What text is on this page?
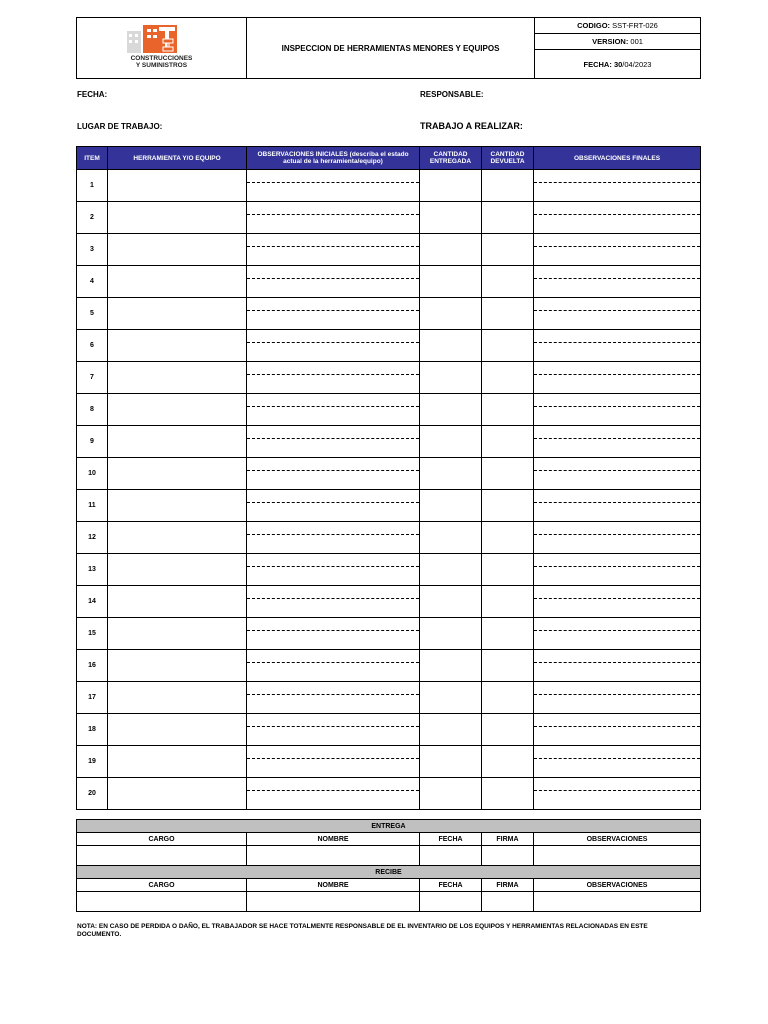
CONSTRUCCIONES
Y SUMINISTROS
	INSPECCION DE HERRAMIENTAS MENORES Y EQUIPOS	CODIGO: SST-FRT-026
VERSION: 001
FECHA: 30/04/2023
FECHA:	RESPONSABLE:
LUGAR DE TRABAJO:	TRABAJO A REALIZAR:
ITEM	HERRAMIENTA Y/O EQUIPO	OBSERVACIONES INICIALES (describa el estado actual de la herramienta/equipo)	CANTIDAD ENTREGADA	CANTIDAD DEVUELTA	OBSERVACIONES FINALES
1					
2					
3					
4					
5					
6					
7					
8					
9					
10					
11					
12					
13					
14					
15					
16					
17					
18					
19					
20					
ENTREGA				
CARGO	NOMBRE	FECHA	FIRMA	OBSERVACIONES

RECIBE				
CARGO	NOMBRE	FECHA	FIRMA	OBSERVACIONES

NOTA: EN CASO DE PERDIDA O DAÑO, EL TRABAJADOR SE HACE TOTALMENTE RESPONSABLE DE EL INVENTARIO DE LOS EQUIPOS Y HERRAMIENTAS RELACIONADAS EN ESTE DOCUMENTO.
